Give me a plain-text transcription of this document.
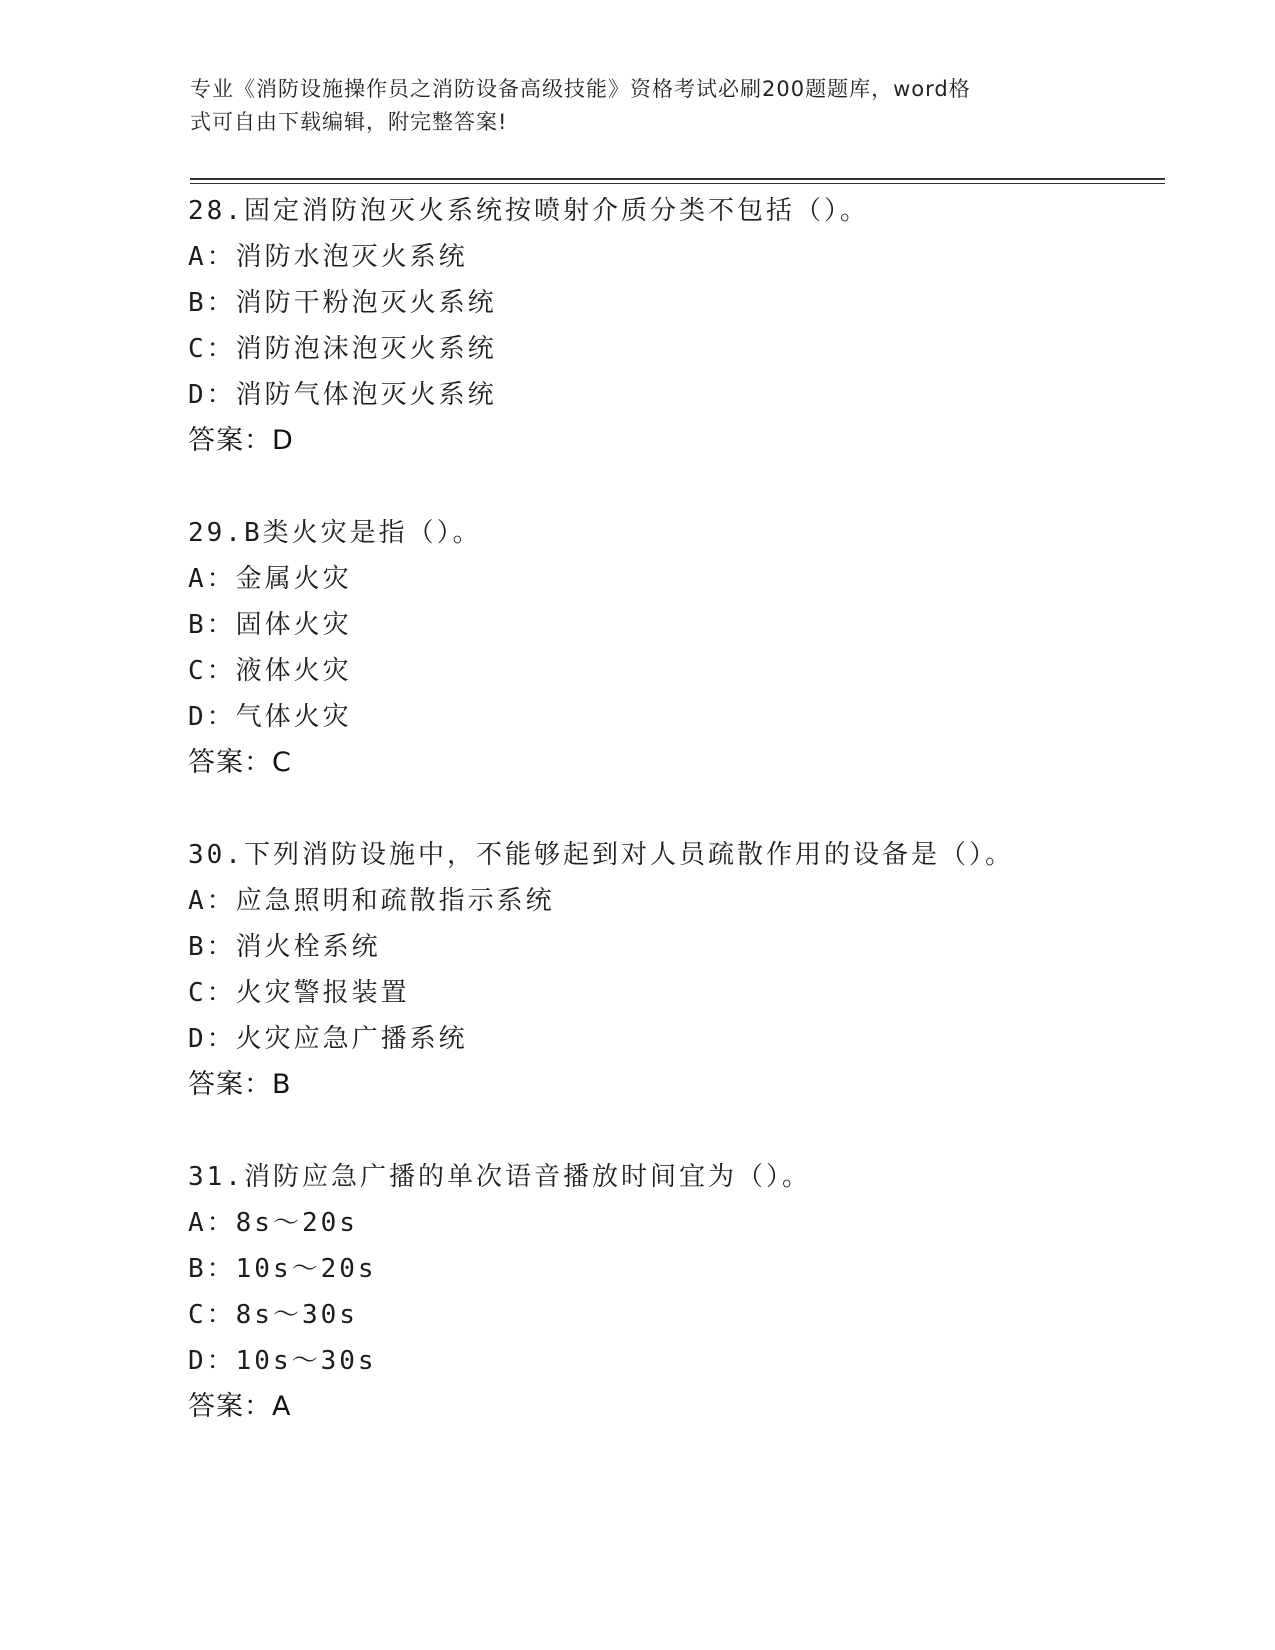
专业《消防设施操作员之消防设备高级技能》资格考试必刷200题题库，word格
式可自由下载编辑，附完整答案!
28.固定消防泡灭火系统按喷射介质分类不包括（）。
A：消防水泡灭火系统
B：消防干粉泡灭火系统
C：消防泡沫泡灭火系统
D：消防气体泡灭火系统
答案：D
29.B类火灾是指（）。
A：金属火灾
B：固体火灾
C：液体火灾
D：气体火灾
答案：C
30.下列消防设施中，不能够起到对人员疏散作用的设备是（）。
A：应急照明和疏散指示系统
B：消火栓系统
C：火灾警报装置
D：火灾应急广播系统
答案：B
31.消防应急广播的单次语音播放时间宜为（）。
A：8s～20s
B：10s～20s
C：8s～30s
D：10s～30s
答案：A
